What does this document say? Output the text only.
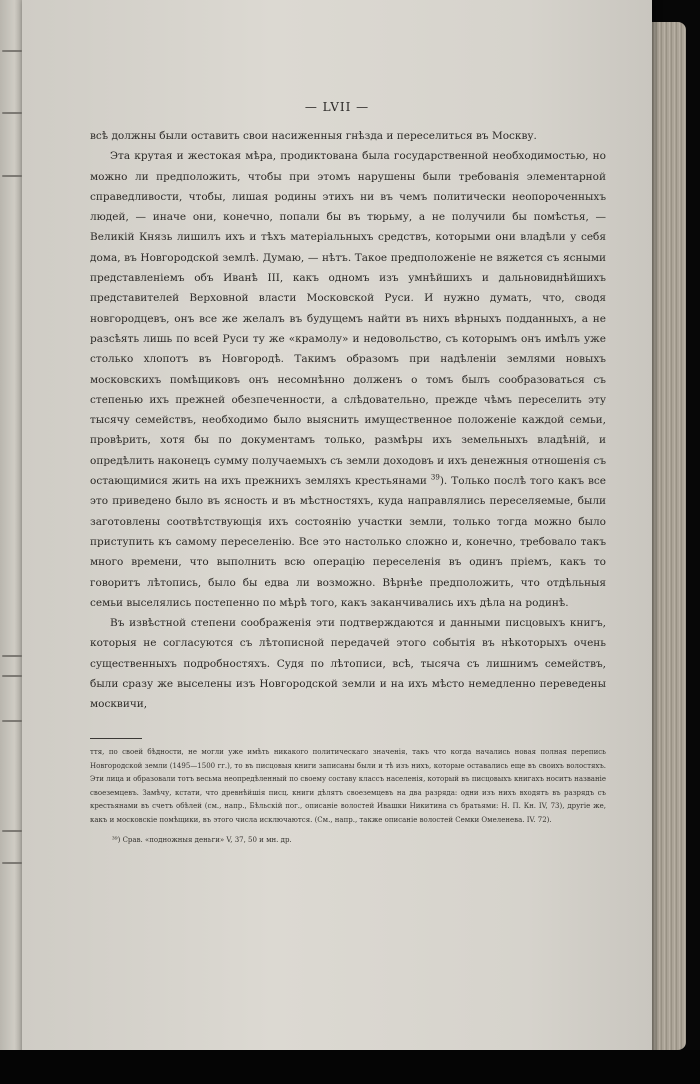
— LVII —

всѣ должны были оставить свои насиженныя гнѣзда и переселиться въ Москву.

Эта крутая и жестокая мѣра, продиктована была государственной необходимостью, но можно ли предположить, чтобы при этомъ нарушены были требованія элементарной справедливости, чтобы, лишая родины этихъ ни въ чемъ политически неопороченныхъ людей, — иначе они, конечно, попали бы въ тюрьму, а не получили бы помѣстья, — Великій Князь лишилъ ихъ и тѣхъ матеріальныхъ средствъ, которыми они владѣли у себя дома, въ Новгородской землѣ. Думаю, — нѣтъ. Такое предположеніе не вяжется съ ясными представленіемъ объ Иванѣ III, какъ одномъ изъ умнѣйшихъ и дальновиднѣйшихъ представителей Верховной власти Московской Руси. И нужно думать, что, сводя новгородцевъ, онъ все же желалъ въ будущемъ найти въ нихъ вѣрныхъ подданныхъ, а не разсѣять лишь по всей Руси ту же «крамолу» и недовольство, съ которымъ онъ имѣлъ уже столько хлопотъ въ Новгородѣ. Такимъ образомъ при надѣленіи землями новыхъ московскихъ помѣщиковъ онъ несомнѣнно долженъ о томъ былъ сообразоваться съ степенью ихъ прежней обезпеченности, а слѣдовательно, прежде чѣмъ переселить эту тысячу семействъ, необходимо было выяснить имущественное положеніе каждой семьи, провѣрить, хотя бы по документамъ только, размѣры ихъ земельныхъ владѣній, и опредѣлить наконецъ сумму получаемыхъ съ земли доходовъ и ихъ денежныя отношенія съ остающимися жить на ихъ прежнихъ земляхъ крестьянами $^{39}$). Только послѣ того какъ все это приведено было въ ясность и въ мѣстностяхъ, куда направлялись переселяемые, были заготовлены соотвѣтствующія ихъ состоянію участки земли, только тогда можно было приступить къ самому переселенію. Все это настолько сложно и, конечно, требовало такъ много времени, что выполнить всю операцію переселенія въ одинъ пріемъ, какъ то говоритъ лѣтопись, было бы едва ли возможно. Вѣрнѣе предположить, что отдѣльныя семьи выселялись постепенно по мѣрѣ того, какъ заканчивались ихъ дѣла на родинѣ.

Въ извѣстной степени соображенія эти подтверждаются и данными писцовыхъ книгъ, которыя не согласуются съ лѣтописной передачей этого событія въ нѣкоторыхъ очень существенныхъ подробностяхъ. Судя по лѣтописи, всѣ, тысяча съ лишнимъ семействъ, были сразу же выселены изъ Новгородской земли и на ихъ мѣсто немедленно переведены москвичи,

ття, по своей бѣдности, не могли уже имѣть никакого политическаго значенія, такъ что когда начались новая полная перепись Новгородской земли (1495—1500 гг.), то въ писцовыя книги записаны были и тѣ изъ нихъ, которые оставались еще въ своихъ волостяхъ. Эти лица и образовали тотъ весьма неопредѣленный по своему составу классъ населенія, который въ писцовыхъ книгахъ носитъ названіе своеземцевъ. Замѣчу, кстати, что древнѣйшія писц. книги дѣлятъ своеземцевъ на два разряда: одни изъ нихъ входятъ въ разрядъ съ крестьянами въ счетъ обѣлей (см., напр., Бѣльскій пог., описаніе волостей Ивашки Никитина съ братьями: Н. П. Кн. IV, 73), другіе же, какъ и московскіе помѣщики, въ этого числа исключаются. (См., напр., также описаніе волостей Семки Омеленева. IV. 72).

³⁹) Срав. «подножныя деньги» V, 37, 50 и мн. др.
